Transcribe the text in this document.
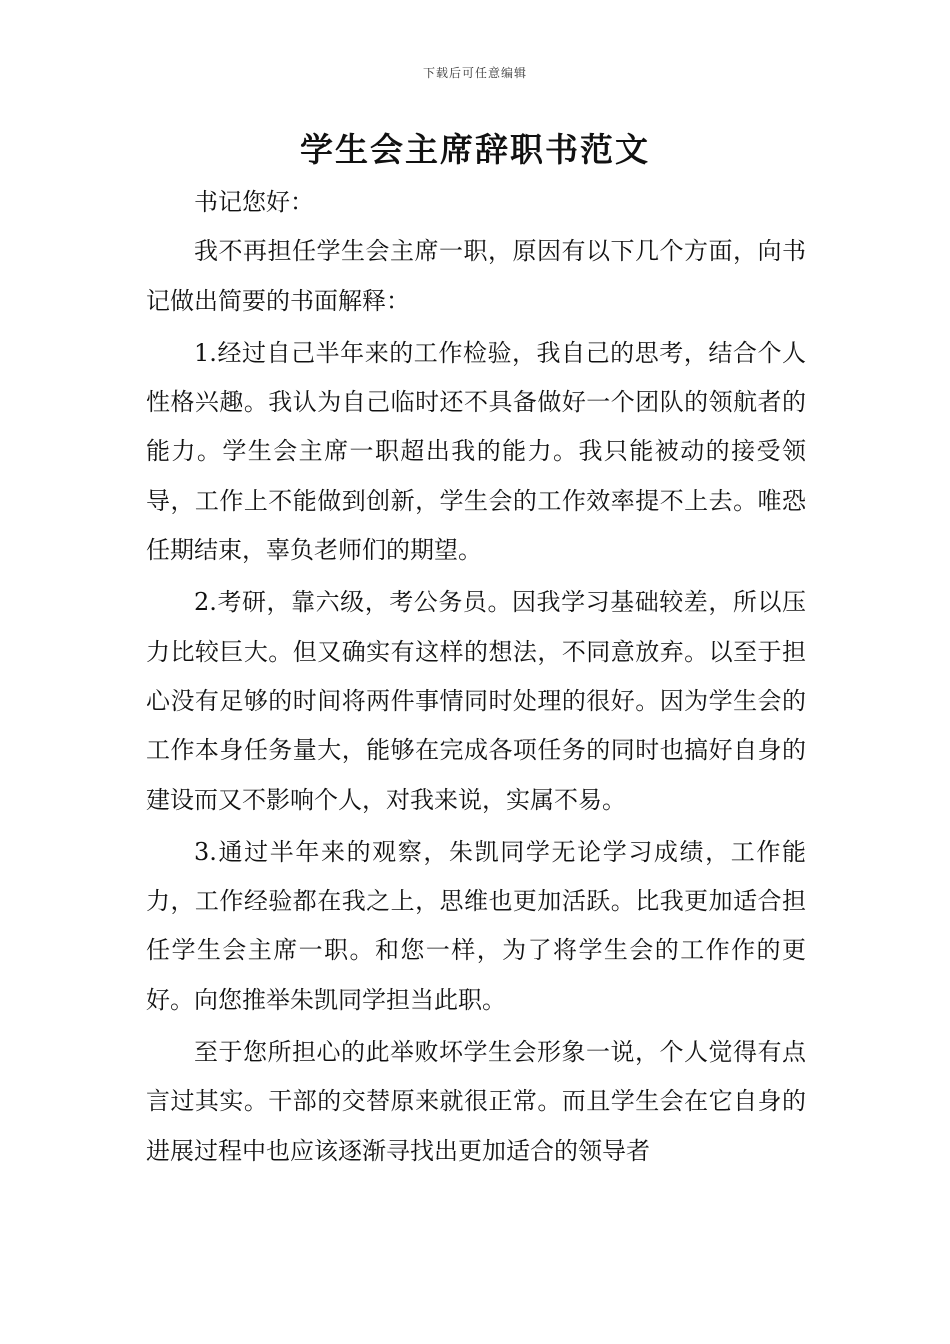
下载后可任意编辑
学生会主席辞职书范文

书记您好：

我不再担任学生会主席一职，原因有以下几个方面，向书记做出简要的书面解释：

1.经过自己半年来的工作检验，我自己的思考，结合个人性格兴趣。我认为自己临时还不具备做好一个团队的领航者的能力。学生会主席一职超出我的能力。我只能被动的接受领导，工作上不能做到创新，学生会的工作效率提不上去。唯恐任期结束，辜负老师们的期望。

2.考研，靠六级，考公务员。因我学习基础较差，所以压力比较巨大。但又确实有这样的想法，不同意放弃。以至于担心没有足够的时间将两件事情同时处理的很好。因为学生会的工作本身任务量大，能够在完成各项任务的同时也搞好自身的建设而又不影响个人，对我来说，实属不易。

3.通过半年来的观察，朱凯同学无论学习成绩，工作能力，工作经验都在我之上，思维也更加活跃。比我更加适合担任学生会主席一职。和您一样，为了将学生会的工作作的更好。向您推举朱凯同学担当此职。

至于您所担心的此举败坏学生会形象一说，个人觉得有点言过其实。干部的交替原来就很正常。而且学生会在它自身的进展过程中也应该逐渐寻找出更加适合的领导者
